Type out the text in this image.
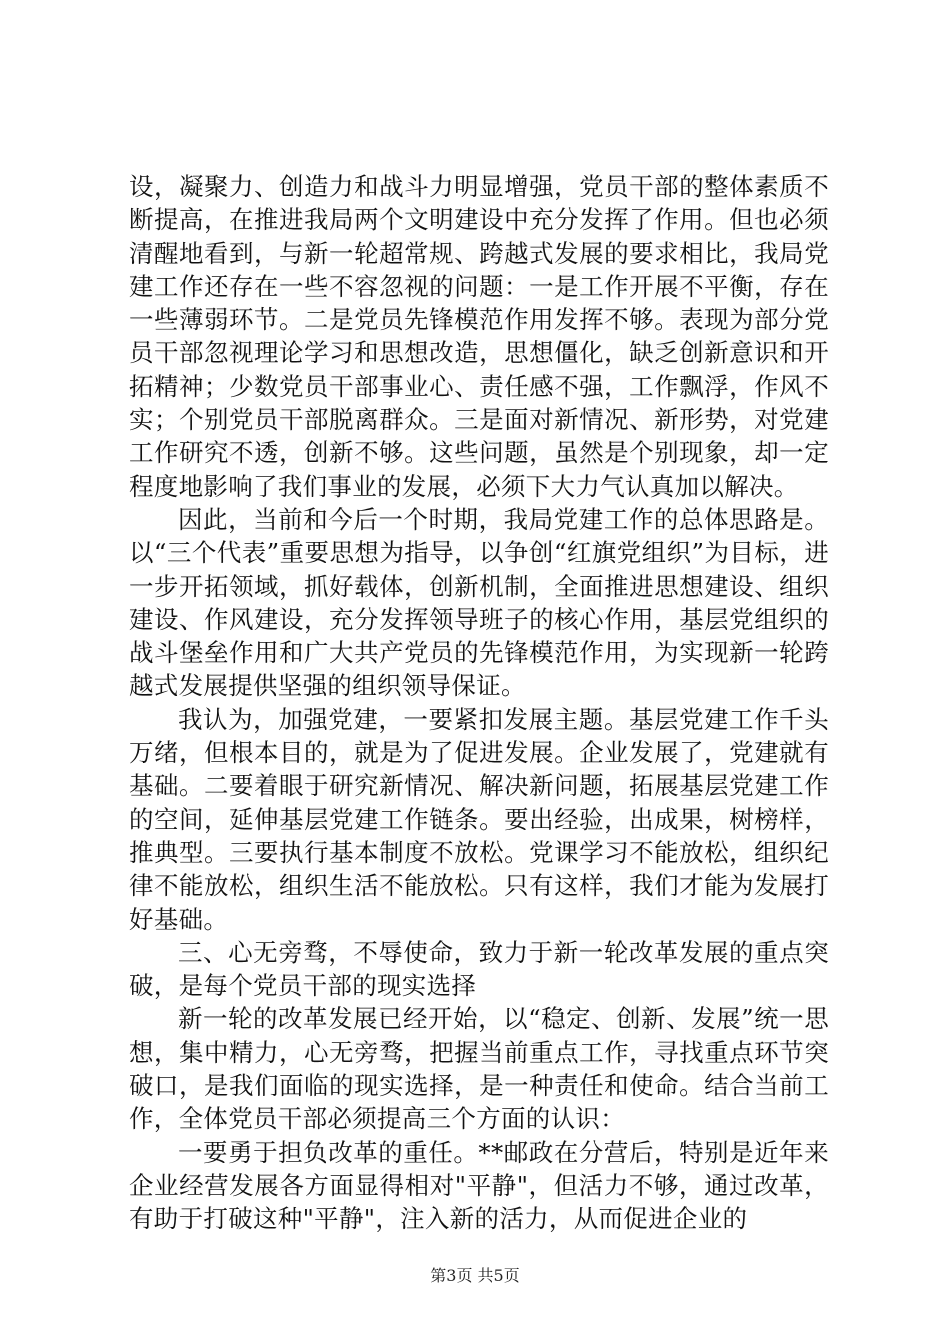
设，凝聚力、创造力和战斗力明显增强，党员干部的整体素质不断提高，在推进我局两个文明建设中充分发挥了作用。但也必须清醒地看到，与新一轮超常规、跨越式发展的要求相比，我局党建工作还存在一些不容忽视的问题：一是工作开展不平衡，存在一些薄弱环节。二是党员先锋模范作用发挥不够。表现为部分党员干部忽视理论学习和思想改造，思想僵化，缺乏创新意识和开拓精神；少数党员干部事业心、责任感不强，工作飘浮，作风不实；个别党员干部脱离群众。三是面对新情况、新形势，对党建工作研究不透，创新不够。这些问题，虽然是个别现象，却一定程度地影响了我们事业的发展，必须下大力气认真加以解决。

因此，当前和今后一个时期，我局党建工作的总体思路是。以“三个代表”重要思想为指导，以争创“红旗党组织”为目标，进一步开拓领域，抓好载体，创新机制，全面推进思想建设、组织建设、作风建设，充分发挥领导班子的核心作用，基层党组织的战斗堡垒作用和广大共产党员的先锋模范作用，为实现新一轮跨越式发展提供坚强的组织领导保证。

我认为，加强党建，一要紧扣发展主题。基层党建工作千头万绪，但根本目的，就是为了促进发展。企业发展了，党建就有基础。二要着眼于研究新情况、解决新问题，拓展基层党建工作的空间，延伸基层党建工作链条。要出经验，出成果，树榜样，推典型。三要执行基本制度不放松。党课学习不能放松，组织纪律不能放松，组织生活不能放松。只有这样，我们才能为发展打好基础。

三、心无旁骛，不辱使命，致力于新一轮改革发展的重点突破，是每个党员干部的现实选择

新一轮的改革发展已经开始，以“稳定、创新、发展”统一思想，集中精力，心无旁骛，把握当前重点工作，寻找重点环节突破口，是我们面临的现实选择，是一种责任和使命。结合当前工作，全体党员干部必须提高三个方面的认识：

一要勇于担负改革的重任。**邮政在分营后，特别是近年来企业经营发展各方面显得相对"平静"，但活力不够，通过改革，有助于打破这种"平静"，注入新的活力，从而促进企业的

第3页 共5页
